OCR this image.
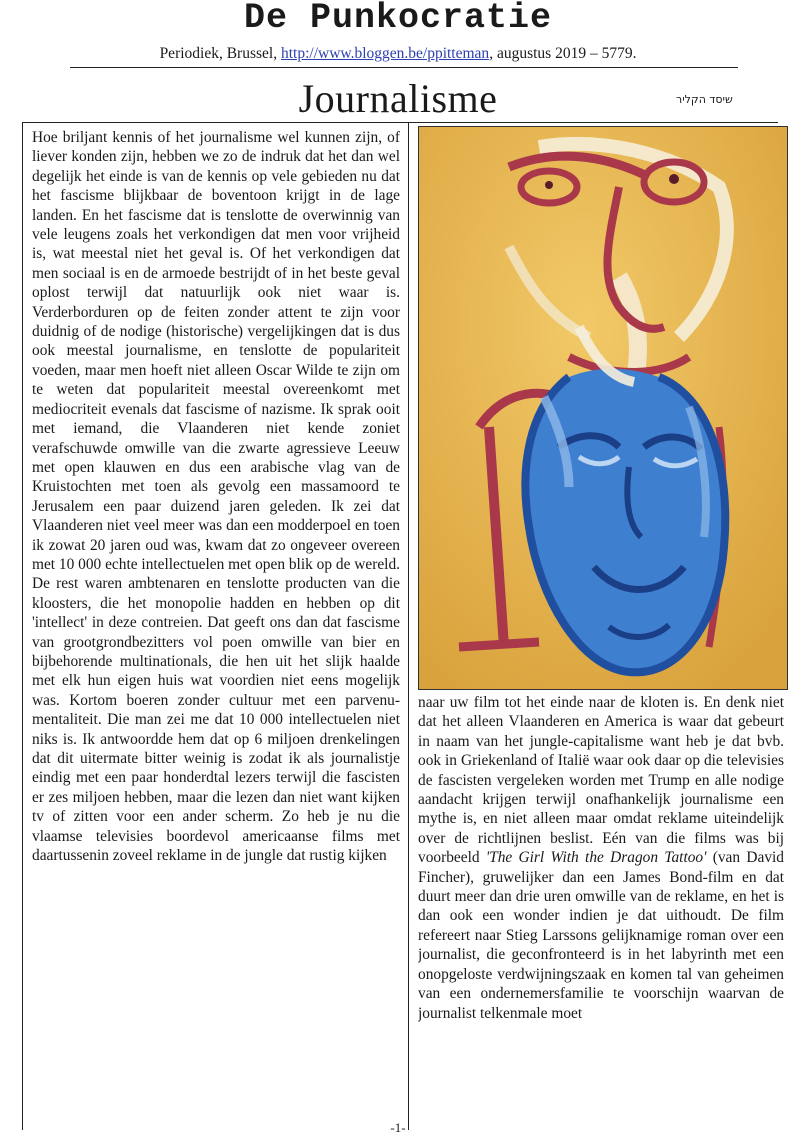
De Punkocratie
Periodiek, Brussel, http://www.bloggen.be/ppitteman, augustus 2019 – 5779.
Journalisme	שיסד הקליר

Hoe briljant kennis of het journalisme wel kunnen zijn, of liever konden zijn, hebben we zo de indruk dat het dan wel degelijk het einde is van de kennis op vele gebieden nu dat het fascisme blijkbaar de boventoon krijgt in de lage landen. En het fascisme dat is tenslotte de overwinnig van vele leugens zoals het verkondigen dat men voor vrijheid is, wat meestal niet het geval is. Of het verkondigen dat men sociaal is en de armoede bestrijdt of in het beste geval oplost terwijl dat natuurlijk ook niet waar is. Verderborduren op de feiten zonder attent te zijn voor duidnig of de nodige (historische) vergelijkingen dat is dus ook meestal journalisme, en tenslotte de populariteit voeden, maar men hoeft niet alleen Oscar Wilde te zijn om te weten dat populariteit meestal overeenkomt met mediocriteit evenals dat fascisme of nazisme. Ik sprak ooit met iemand, die Vlaanderen niet kende zoniet verafschuwde omwille van die zwarte agressieve Leeuw met open klauwen en dus een arabische vlag van de Kruistochten met toen als gevolg een massamoord te Jerusalem een paar duizend jaren geleden. Ik zei dat Vlaanderen niet veel meer was dan een modderpoel en toen ik zowat 20 jaren oud was, kwam dat zo ongeveer overeen met 10 000 echte intellectuelen met open blik op de wereld. De rest waren ambtenaren en tenslotte producten van die kloosters, die het monopolie hadden en hebben op dit 'intellect' in deze contreien. Dat geeft ons dan dat fascisme van grootgrondbezitters vol poen omwille van bier en bijbehorende multinationals, die hen uit het slijk haalde met elk hun eigen huis wat voordien niet eens mogelijk was. Kortom boeren zonder cultuur met een parvenu-mentaliteit. Die man zei me dat 10 000 intellectuelen niet niks is. Ik antwoordde hem dat op 6 miljoen drenkelingen dat dit uitermate bitter weinig is zodat ik als journalistje eindig met een paar honderdtal lezers terwijl die fascisten er zes miljoen hebben, maar die lezen dan niet want kijken tv of zitten voor een ander scherm. Zo heb je nu die vlaamse televisies boordevol americaanse films met daartussenin zoveel reklame in de jungle dat rustig kijken

naar uw film tot het einde naar de kloten is. En denk niet dat het alleen Vlaanderen en America is waar dat gebeurt in naam van het jungle-capitalisme want heb je dat bvb. ook in Griekenland of Italië waar ook daar op die televisies de fascisten vergeleken worden met Trump en alle nodige aandacht krijgen terwijl onafhankelijk journalisme een mythe is, en niet alleen maar omdat reklame uiteindelijk over de richtlijnen beslist. Eén van die films was bij voorbeeld 'The Girl With the Dragon Tattoo' (van David Fincher), gruwelijker dan een James Bond-film en dat duurt meer dan drie uren omwille van de reklame, en het is dan ook een wonder indien je dat uithoudt. De film refereert naar Stieg Larssons gelijknamige roman over een journalist, die geconfronteerd is in het labyrinth met een onopgeloste verdwijningszaak en komen tal van geheimen van een ondernemersfamilie te voorschijn waarvan de journalist telkenmale moet

-1-
